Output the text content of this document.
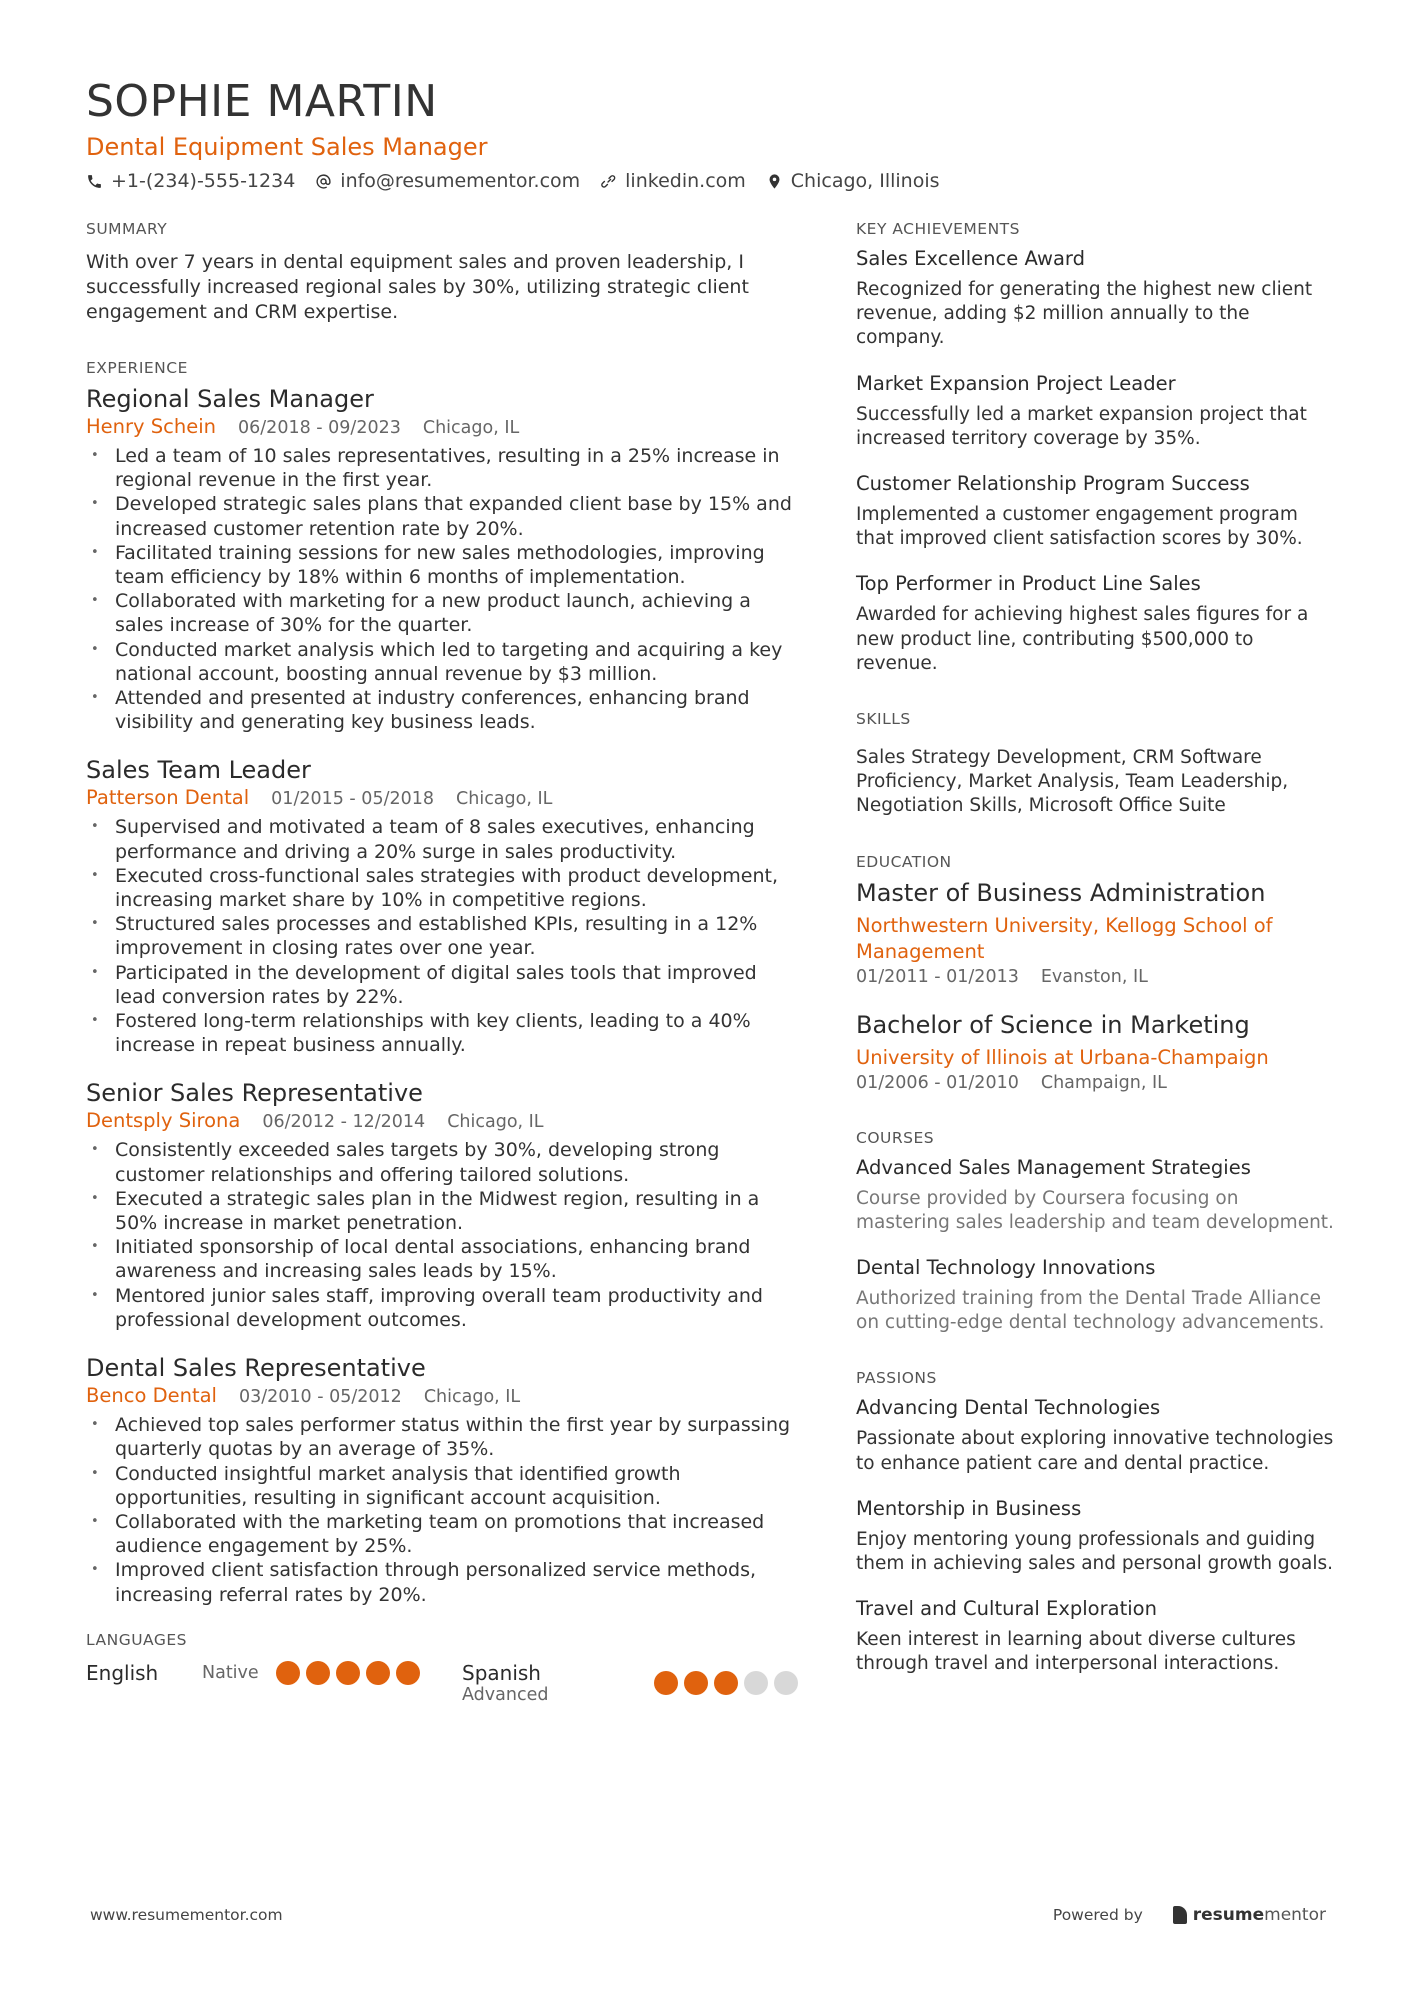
SOPHIE MARTIN
Dental Equipment Sales Manager
+1-(234)-555-1234 info@resumementor.com linkedin.com Chicago, Illinois
SUMMARY

With over 7 years in dental equipment sales and proven leadership, I successfully increased regional sales by 30%, utilizing strategic client engagement and CRM expertise.

EXPERIENCE
Regional Sales Manager
Henry Schein 06/2018 - 09/2023 Chicago, IL
• Led a team of 10 sales representatives, resulting in a 25% increase in regional revenue in the first year.
• Developed strategic sales plans that expanded client base by 15% and increased customer retention rate by 20%.
• Facilitated training sessions for new sales methodologies, improving team efficiency by 18% within 6 months of implementation.
• Collaborated with marketing for a new product launch, achieving a sales increase of 30% for the quarter.
• Conducted market analysis which led to targeting and acquiring a key national account, boosting annual revenue by $3 million.
• Attended and presented at industry conferences, enhancing brand visibility and generating key business leads.
Sales Team Leader
Patterson Dental 01/2015 - 05/2018 Chicago, IL
• Supervised and motivated a team of 8 sales executives, enhancing performance and driving a 20% surge in sales productivity.
• Executed cross-functional sales strategies with product development, increasing market share by 10% in competitive regions.
• Structured sales processes and established KPIs, resulting in a 12% improvement in closing rates over one year.
• Participated in the development of digital sales tools that improved lead conversion rates by 22%.
• Fostered long-term relationships with key clients, leading to a 40% increase in repeat business annually.
Senior Sales Representative
Dentsply Sirona 06/2012 - 12/2014 Chicago, IL
• Consistently exceeded sales targets by 30%, developing strong customer relationships and offering tailored solutions.
• Executed a strategic sales plan in the Midwest region, resulting in a 50% increase in market penetration.
• Initiated sponsorship of local dental associations, enhancing brand awareness and increasing sales leads by 15%.
• Mentored junior sales staff, improving overall team productivity and professional development outcomes.
Dental Sales Representative
Benco Dental 03/2010 - 05/2012 Chicago, IL
• Achieved top sales performer status within the first year by surpassing quarterly quotas by an average of 35%.
• Conducted insightful market analysis that identified growth opportunities, resulting in significant account acquisition.
• Collaborated with the marketing team on promotions that increased audience engagement by 25%.
• Improved client satisfaction through personalized service methods, increasing referral rates by 20%.
LANGUAGES
English	Native	Spanish
Advanced
KEY ACHIEVEMENTS
Sales Excellence Award
Recognized for generating the highest new client revenue, adding $2 million annually to the company.
Market Expansion Project Leader
Successfully led a market expansion project that increased territory coverage by 35%.
Customer Relationship Program Success
Implemented a customer engagement program that improved client satisfaction scores by 30%.
Top Performer in Product Line Sales
Awarded for achieving highest sales figures for a new product line, contributing $500,000 to revenue.
SKILLS

Sales Strategy Development, CRM Software Proficiency, Market Analysis, Team Leadership, Negotiation Skills, Microsoft Office Suite

EDUCATION
Master of Business Administration
Northwestern University, Kellogg School of Management
01/2011 - 01/2013 Evanston, IL
Bachelor of Science in Marketing
University of Illinois at Urbana-Champaign
01/2006 - 01/2010 Champaign, IL
COURSES
Advanced Sales Management Strategies
Course provided by Coursera focusing on mastering sales leadership and team development.
Dental Technology Innovations
Authorized training from the Dental Trade Alliance on cutting-edge dental technology advancements.
PASSIONS
Advancing Dental Technologies
Passionate about exploring innovative technologies to enhance patient care and dental practice.
Mentorship in Business
Enjoy mentoring young professionals and guiding them in achieving sales and personal growth goals.
Travel and Cultural Exploration
Keen interest in learning about diverse cultures through travel and interpersonal interactions.
www.resumementor.com	Powered by	resumementor
